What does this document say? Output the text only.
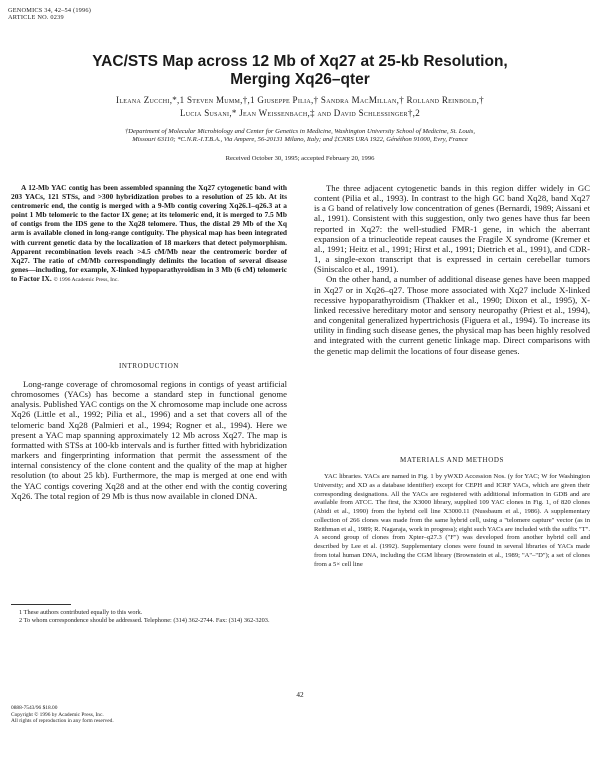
GENOMICS 34, 42–54 (1996)
ARTICLE NO. 0239
YAC/STS Map across 12 Mb of Xq27 at 25-kb Resolution,
Merging Xq26–qter
Ileana Zucchi,*,1 Steven Mumm,†,1 Giuseppe Pilia,† Sandra MacMillan,† Rolland Reinbold,†
Lucia Susani,* Jean Weissenbach,‡ and David Schlessinger†,2
†Department of Molecular Microbiology and Center for Genetics in Medicine, Washington University School of Medicine, St. Louis,
Missouri 63110; *C.N.R.-I.T.B.A., Via Ampere, 56-20131 Milano, Italy; and ‡CNRS URA 1922, Généthon 91000, Evry, France
Received October 30, 1995; accepted February 20, 1996
A 12-Mb YAC contig has been assembled spanning the Xq27 cytogenetic band with 203 YACs, 121 STSs, and >300 hybridization probes to a resolution of 25 kb. At its centromeric end, the contig is merged with a 9-Mb contig covering Xq26.1–q26.3 at a point 1 Mb telomeric to the factor IX gene; at its telomeric end, it is merged to 7.5 Mb of contigs from the IDS gene to the Xq28 telomere. Thus, the distal 29 Mb of the Xq arm is available cloned in long-range contiguity. The physical map has been integrated with current genetic data by the localization of 18 markers that detect polymorphism. Apparent recombination levels reach >4.5 cM/Mb near the centromeric border of Xq27. The ratio of cM/Mb correspondingly delimits the location of several disease genes—including, for example, X-linked hypoparathyroidism in 3 Mb (6 cM) telomeric to Factor IX. © 1996 Academic Press, Inc.
INTRODUCTION

Long-range coverage of chromosomal regions in contigs of yeast artificial chromosomes (YACs) has become a standard step in functional genome analysis. Published YAC contigs on the X chromosome map include one across Xq26 (Little et al., 1992; Pilia et al., 1996) and a set that covers all of the telomeric band Xq28 (Palmieri et al., 1994; Rogner et al., 1994). Here we present a YAC map spanning approximately 12 Mb across Xq27. The map is formatted with STSs at 100-kb intervals and is further fitted with hybridization markers and fingerprinting information that permit the assessment of the internal consistency of the clone content and the quality of the map at higher resolution (to about 25 kb). Furthermore, the map is merged at one end with the YAC contigs covering Xq28 and at the other end with the contig covering Xq26. The total region of 29 Mb is thus now available in cloned DNA.

1 These authors contributed equally to this work.

2 To whom correspondence should be addressed. Telephone: (314) 362-2744. Fax: (314) 362-3203.

The three adjacent cytogenetic bands in this region differ widely in GC content (Pilia et al., 1993). In contrast to the high GC band Xq28, band Xq27 is a G band of relatively low concentration of genes (Bernardi, 1989; Aissani et al., 1991). Consistent with this suggestion, only two genes have thus far been reported in Xq27: the well-studied FMR-1 gene, in which the aberrant expansion of a trinucleotide repeat causes the Fragile X syndrome (Kremer et al., 1991; Heitz et al., 1991; Hirst et al., 1991; Dietrich et al., 1991), and CDR-1, a single-exon transcript that is expressed in certain cerebellar tumors (Siniscalco et al., 1991).

On the other hand, a number of additional disease genes have been mapped in Xq27 or in Xq26–q27. Those more associated with Xq27 include X-linked recessive hypoparathyroidism (Thakker et al., 1990; Dixon et al., 1995), X-linked recessive hereditary motor and sensory neuropathy (Priest et al., 1994), and congenital generalized hypertrichosis (Figuera et al., 1994). To increase its utility in finding such disease genes, the physical map has been highly resolved and integrated with the current genetic linkage map. Direct comparisons with the genetic map delimit the locations of four disease genes.

MATERIALS AND METHODS

YAC libraries. YACs are named in Fig. 1 by yWXD Accession Nos. (y for YAC; W for Washington University; and XD as a database identifier) except for CEPH and ICRF YACs, which are given their corresponding designations. All the YACs are registered with additional information in GDB and are available from ATCC. The first, the X3000 library, supplied 109 YAC clones in Fig. 1, of 820 clones (Abidi et al., 1990) from the hybrid cell line X3000.11 (Nussbaum et al., 1986). A supplementary collection of 266 clones was made from the same hybrid cell, using a "telomere capture" vector (as in Reithman et al., 1989; R. Nagaraja, work in progress); eight such YACs are included with the suffix "T". A second group of clones from Xpter–q27.3 ("F") was developed from another hybrid cell and described by Lee et al. (1992). Supplementary clones were found in several libraries of YACs made from total human DNA, including the CGM library (Brownstein et al., 1989; "A"–"D"); a set of clones from a 5× cell line

42
0888-7543/96 $18.00
Copyright © 1996 by Academic Press, Inc.
All rights of reproduction in any form reserved.
